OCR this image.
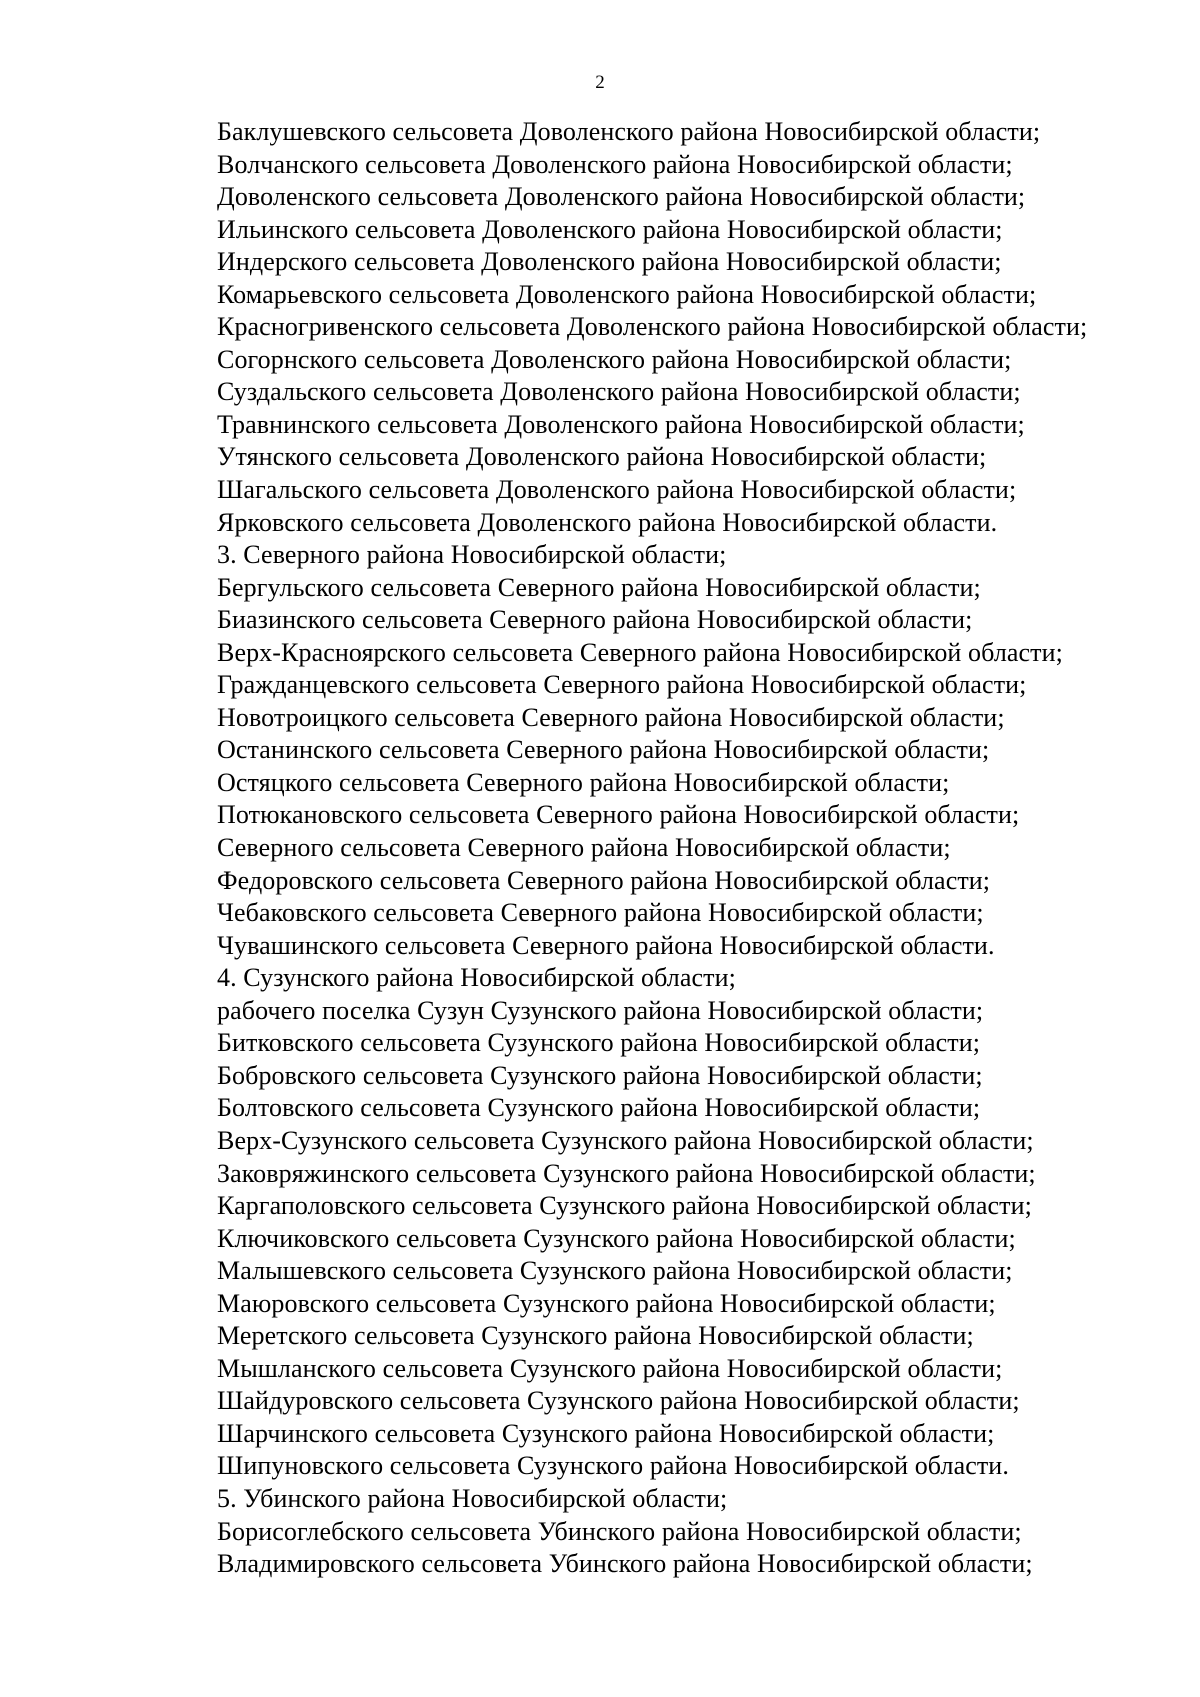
2
Баклушевского сельсовета Доволенского района Новосибирской области;
Волчанского сельсовета Доволенского района Новосибирской области;
Доволенского сельсовета Доволенского района Новосибирской области;
Ильинского сельсовета Доволенского района Новосибирской области;
Индерского сельсовета Доволенского района Новосибирской области;
Комарьевского сельсовета Доволенского района Новосибирской области;
Красногривенского сельсовета Доволенского района Новосибирской области;
Согорнского сельсовета Доволенского района Новосибирской области;
Суздальского сельсовета Доволенского района Новосибирской области;
Травнинского сельсовета Доволенского района Новосибирской области;
Утянского сельсовета Доволенского района Новосибирской области;
Шагальского сельсовета Доволенского района Новосибирской области;
Ярковского сельсовета Доволенского района Новосибирской области.
3. Северного района Новосибирской области;
Бергульского сельсовета Северного района Новосибирской области;
Биазинского сельсовета Северного района Новосибирской области;
Верх-Красноярского сельсовета Северного района Новосибирской области;
Гражданцевского сельсовета Северного района Новосибирской области;
Новотроицкого сельсовета Северного района Новосибирской области;
Останинского сельсовета Северного района Новосибирской области;
Остяцкого сельсовета Северного района Новосибирской области;
Потюкановского сельсовета Северного района Новосибирской области;
Северного сельсовета Северного района Новосибирской области;
Федоровского сельсовета Северного района Новосибирской области;
Чебаковского сельсовета Северного района Новосибирской области;
Чувашинского сельсовета Северного района Новосибирской области.
4. Сузунского района Новосибирской области;
рабочего поселка Сузун Сузунского района Новосибирской области;
Битковского сельсовета Сузунского района Новосибирской области;
Бобровского сельсовета Сузунского района Новосибирской области;
Болтовского сельсовета Сузунского района Новосибирской области;
Верх-Сузунского сельсовета Сузунского района Новосибирской области;
Заковряжинского сельсовета Сузунского района Новосибирской области;
Каргаполовского сельсовета Сузунского района Новосибирской области;
Ключиковского сельсовета Сузунского района Новосибирской области;
Малышевского сельсовета Сузунского района Новосибирской области;
Маюровского сельсовета Сузунского района Новосибирской области;
Меретского сельсовета Сузунского района Новосибирской области;
Мышланского сельсовета Сузунского района Новосибирской области;
Шайдуровского сельсовета Сузунского района Новосибирской области;
Шарчинского сельсовета Сузунского района Новосибирской области;
Шипуновского сельсовета Сузунского района Новосибирской области.
5. Убинского района Новосибирской области;
Борисоглебского сельсовета Убинского района Новосибирской области;
Владимировского сельсовета Убинского района Новосибирской области;
